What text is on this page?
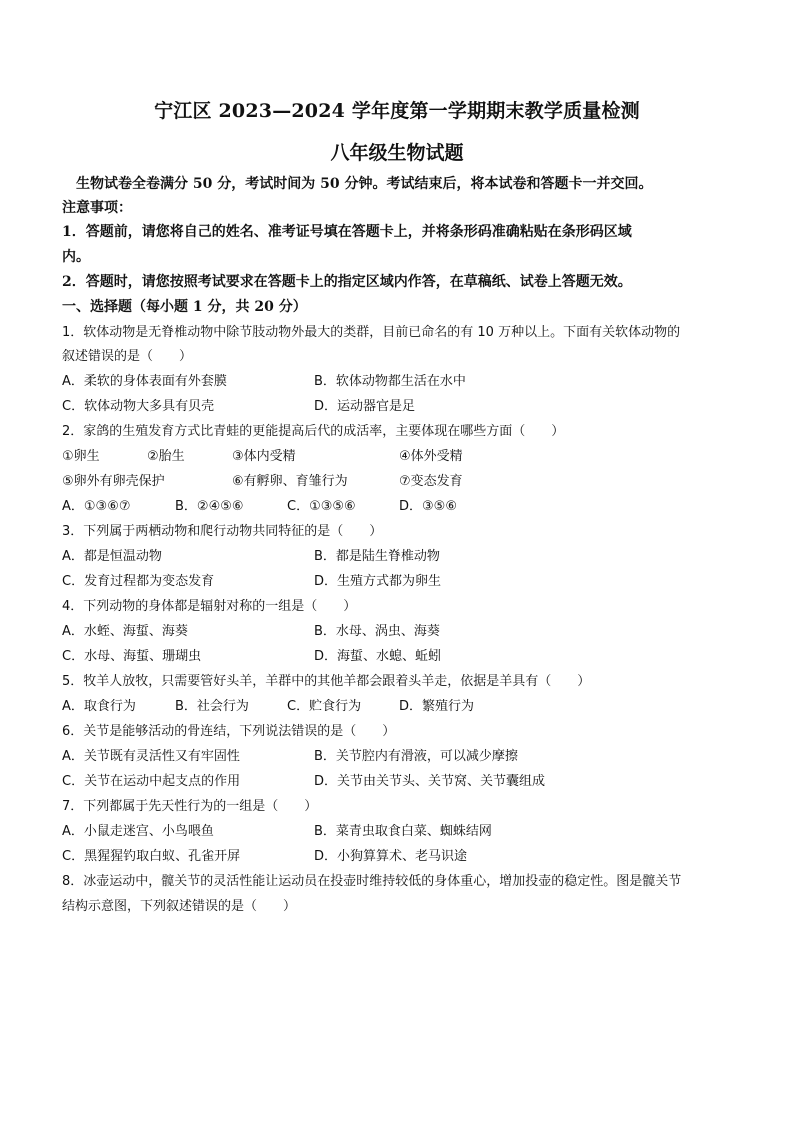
宁江区 2023—2024 学年度第一学期期末教学质量检测
八年级生物试题
生物试卷全卷满分 50 分，考试时间为 50 分钟。考试结束后，将本试卷和答题卡一并交回。
注意事项：
1．答题前，请您将自己的姓名、准考证号填在答题卡上，并将条形码准确粘贴在条形码区域
内。
2．答题时，请您按照考试要求在答题卡上的指定区域内作答，在草稿纸、试卷上答题无效。
一、选择题（每小题 1 分，共 20 分）
1．软体动物是无脊椎动物中除节肢动物外最大的类群，目前已命名的有 10 万种以上。下面有关软体动物的
叙述错误的是（　　）
A．柔软的身体表面有外套膜	B．软体动物都生活在水中
C．软体动物大多具有贝壳	D．运动器官是足
2．家鸽的生殖发育方式比青蛙的更能提高后代的成活率，主要体现在哪些方面（　　）
①卵生	②胎生	③体内受精	④体外受精
⑤卵外有卵壳保护	⑥有孵卵、育雏行为	⑦变态发育
A．①③⑥⑦	B．②④⑤⑥	C．①③⑤⑥	D．③⑤⑥
3．下列属于两栖动物和爬行动物共同特征的是（　　）
A．都是恒温动物	B．都是陆生脊椎动物
C．发育过程都为变态发育	D．生殖方式都为卵生
4．下列动物的身体都是辐射对称的一组是（　　）
A．水蛭、海蜇、海葵	B．水母、涡虫、海葵
C．水母、海蜇、珊瑚虫	D．海蜇、水螅、蚯蚓
5．牧羊人放牧，只需要管好头羊，羊群中的其他羊都会跟着头羊走，依据是羊具有（　　）
A．取食行为	B．社会行为	C．贮食行为	D．繁殖行为
6．关节是能够活动的骨连结，下列说法错误的是（　　）
A．关节既有灵活性又有牢固性	B．关节腔内有滑液，可以减少摩擦
C．关节在运动中起支点的作用	D．关节由关节头、关节窝、关节囊组成
7．下列都属于先天性行为的一组是（　　）
A．小鼠走迷宫、小鸟喂鱼	B．菜青虫取食白菜、蜘蛛结网
C．黑猩猩钓取白蚁、孔雀开屏	D．小狗算算术、老马识途
8．冰壶运动中，髋关节的灵活性能让运动员在投壶时维持较低的身体重心，增加投壶的稳定性。图是髋关节
结构示意图，下列叙述错误的是（　　）
